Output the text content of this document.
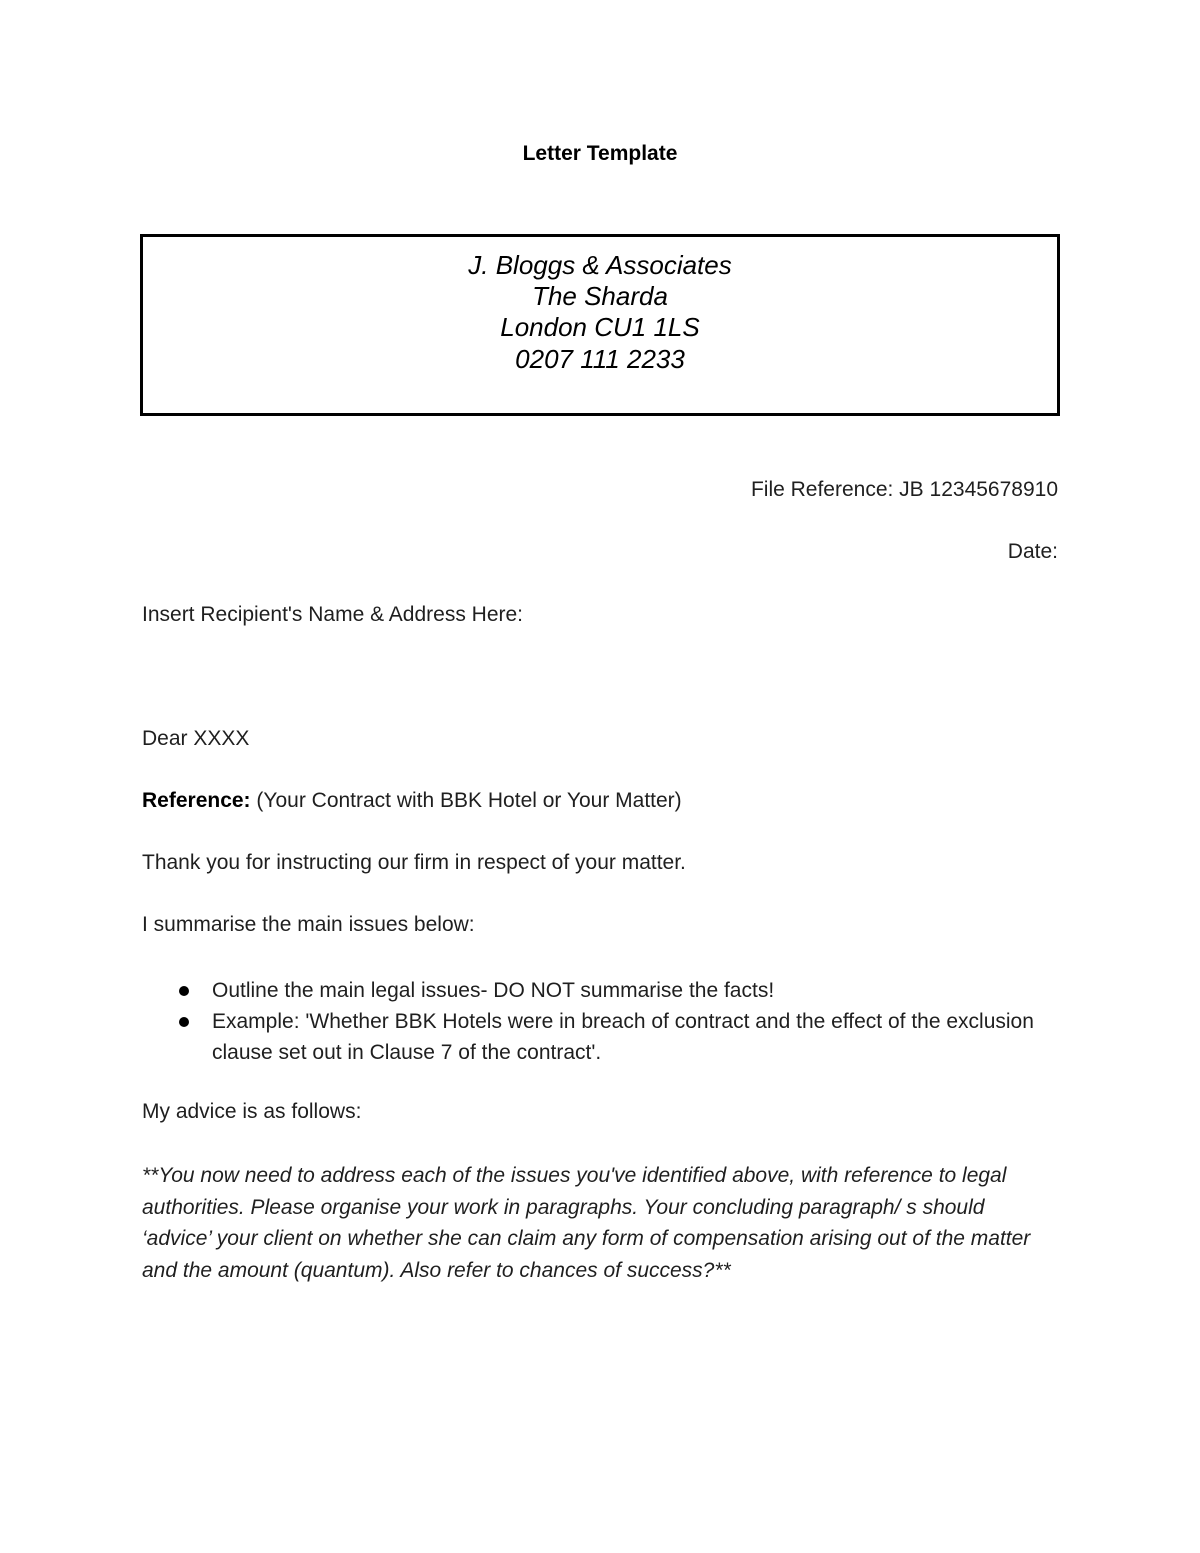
Letter Template
J. Bloggs & Associates
The Sharda
London CU1 1LS
0207 111 2233
File Reference: JB 12345678910
Date:
Insert Recipient's Name & Address Here:
Dear XXXX
Reference: (Your Contract with BBK Hotel or Your Matter)
Thank you for instructing our firm in respect of your matter.
I summarise the main issues below:
Outline the main legal issues- DO NOT summarise the facts!
Example: 'Whether BBK Hotels were in breach of contract and the effect of the exclusion clause set out in Clause 7 of the contract'.
My advice is as follows:
**You now need to address each of the issues you've identified above, with reference to legal authorities. Please organise your work in paragraphs. Your concluding paragraph/ s should ‘advice’ your client on whether she can claim any form of compensation arising out of the matter and the amount (quantum). Also refer to chances of success?**
